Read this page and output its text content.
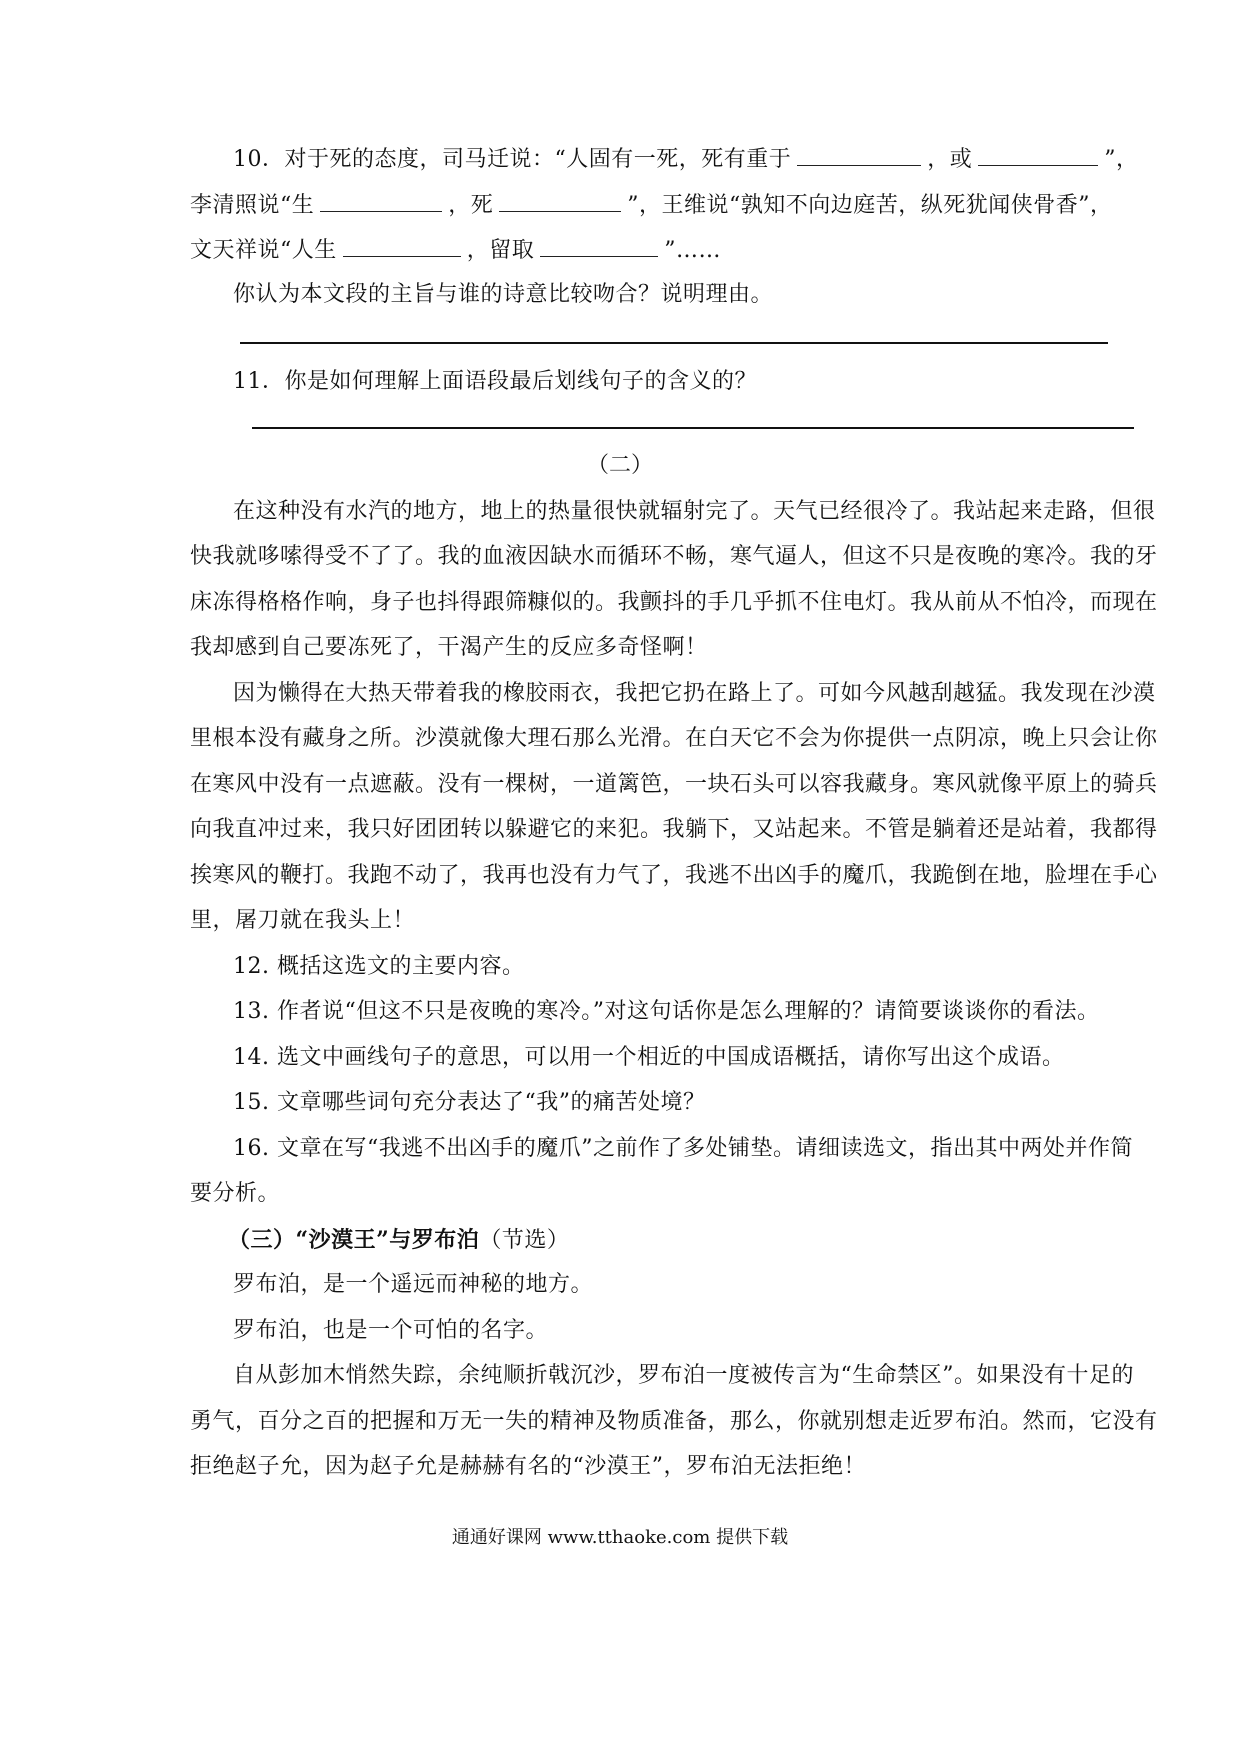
10．对于死的态度，司马迁说：“人固有一死，死有重于	，或	”，
李清照说“生	，死	”，王维说“孰知不向边庭苦，纵死犹闻侠骨香”，
文天祥说“人生	，留取	”……
你认为本文段的主旨与谁的诗意比较吻合？说明理由。
11．你是如何理解上面语段最后划线句子的含义的？
（二）
在这种没有水汽的地方，地上的热量很快就辐射完了。天气已经很冷了。我站起来走路，但很
快我就哆嗦得受不了了。我的血液因缺水而循环不畅，寒气逼人，但这不只是夜晚的寒冷。我的牙
床冻得格格作响，身子也抖得跟筛糠似的。我颤抖的手几乎抓不住电灯。我从前从不怕冷，而现在
我却感到自己要冻死了，干渴产生的反应多奇怪啊！
因为懒得在大热天带着我的橡胶雨衣，我把它扔在路上了。可如今风越刮越猛。我发现在沙漠
里根本没有藏身之所。沙漠就像大理石那么光滑。在白天它不会为你提供一点阴凉，晚上只会让你
在寒风中没有一点遮蔽。没有一棵树，一道篱笆，一块石头可以容我藏身。寒风就像平原上的骑兵
向我直冲过来，我只好团团转以躲避它的来犯。我躺下，又站起来。不管是躺着还是站着，我都得
挨寒风的鞭打。我跑不动了，我再也没有力气了，我逃不出凶手的魔爪，我跪倒在地，脸埋在手心
里，屠刀就在我头上！
12. 概括这选文的主要内容。
13. 作者说“但这不只是夜晚的寒冷。”对这句话你是怎么理解的？请简要谈谈你的看法。
14. 选文中画线句子的意思，可以用一个相近的中国成语概括，请你写出这个成语。
15. 文章哪些词句充分表达了“我”的痛苦处境？
16. 文章在写“我逃不出凶手的魔爪”之前作了多处铺垫。请细读选文，指出其中两处并作简
要分析。
（三）“沙漠王”与罗布泊（节选）
罗布泊，是一个遥远而神秘的地方。
罗布泊，也是一个可怕的名字。
自从彭加木悄然失踪，余纯顺折戟沉沙，罗布泊一度被传言为“生命禁区”。如果没有十足的
勇气，百分之百的把握和万无一失的精神及物质准备，那么，你就别想走近罗布泊。然而，它没有
拒绝赵子允，因为赵子允是赫赫有名的“沙漠王”，罗布泊无法拒绝！
通通好课网 www.tthaoke.com 提供下载
